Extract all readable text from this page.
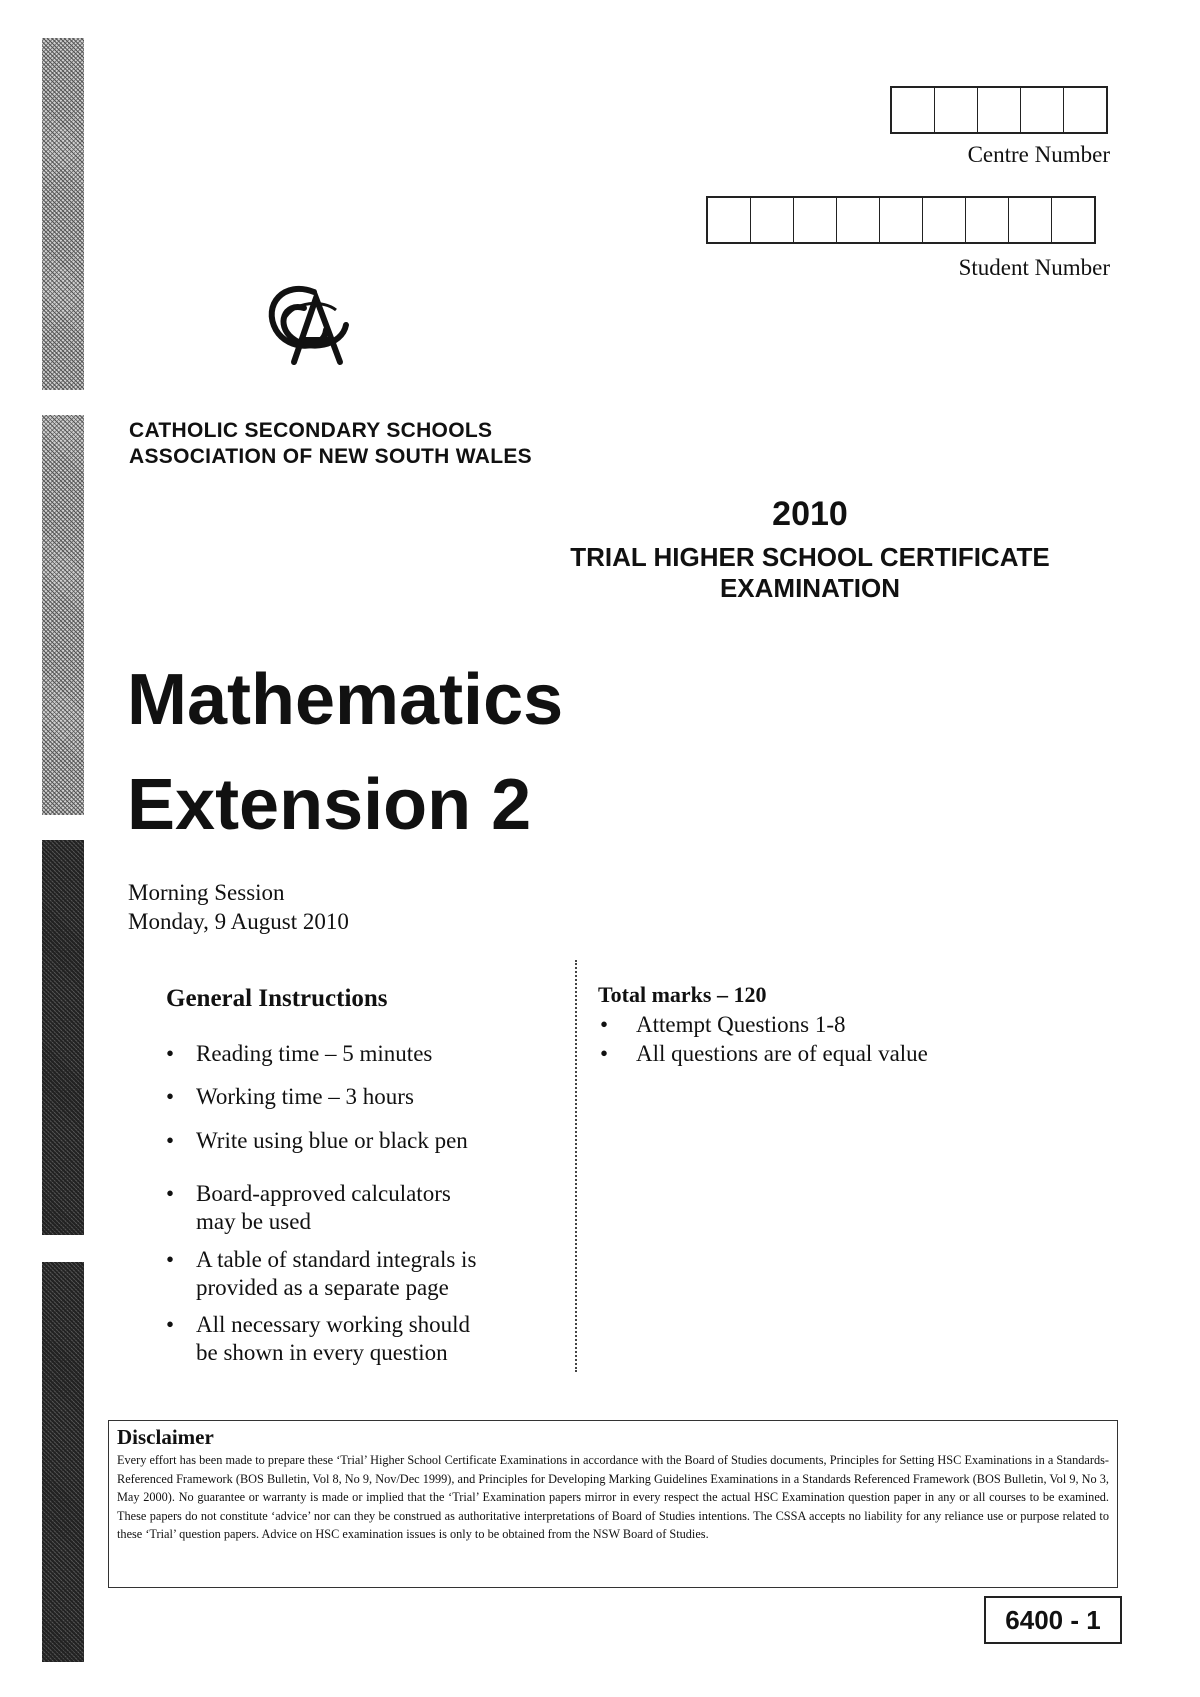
Centre Number
Student Number
CATHOLIC SECONDARY SCHOOLS
ASSOCIATION OF NEW SOUTH WALES
2010
TRIAL HIGHER SCHOOL CERTIFICATE
EXAMINATION
Mathematics
Extension 2
Morning Session
Monday, 9 August 2010
General Instructions
• Reading time – 5 minutes
• Working time – 3 hours
• Write using blue or black pen
• Board-approved calculators may be used
• A table of standard integrals is provided as a separate page
• All necessary working should be shown in every question
Total marks – 120
• Attempt Questions 1-8
• All questions are of equal value
Disclaimer

Every effort has been made to prepare these ‘Trial’ Higher School Certificate Examinations in accordance with the Board of Studies documents, Principles for Setting HSC Examinations in a Standards-Referenced Framework (BOS Bulletin, Vol 8, No 9, Nov/Dec 1999), and Principles for Developing Marking Guidelines Examinations in a Standards Referenced Framework (BOS Bulletin, Vol 9, No 3, May 2000). No guarantee or warranty is made or implied that the ‘Trial’ Examination papers mirror in every respect the actual HSC Examination question paper in any or all courses to be examined. These papers do not constitute ‘advice’ nor can they be construed as authoritative interpretations of Board of Studies intentions. The CSSA accepts no liability for any reliance use or purpose related to these ‘Trial’ question papers. Advice on HSC examination issues is only to be obtained from the NSW Board of Studies.

6400 - 1
